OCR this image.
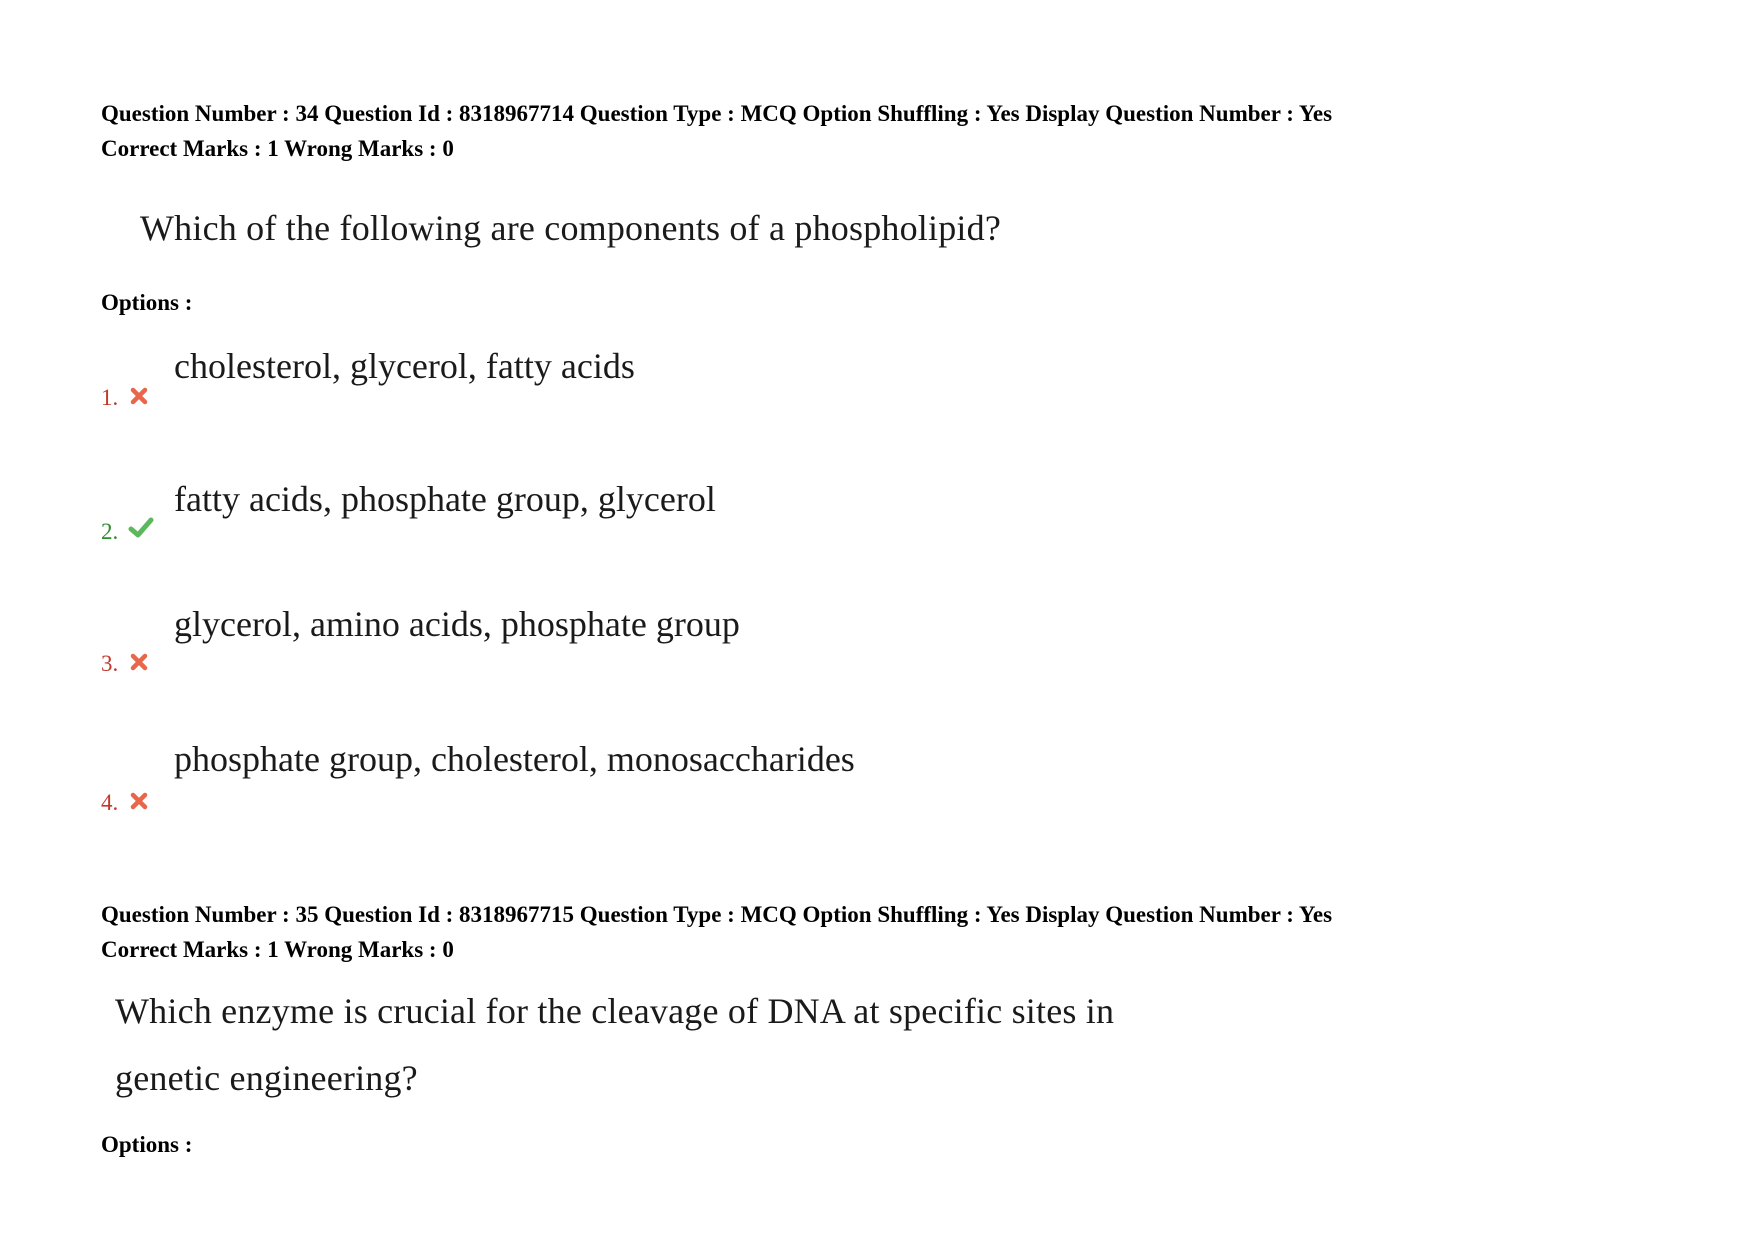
Question Number : 34 Question Id : 8318967714 Question Type : MCQ Option Shuffling : Yes Display Question Number : Yes
Correct Marks : 1 Wrong Marks : 0
Which of the following are components of a phospholipid?
Options :
cholesterol, glycerol, fatty acids
1.
fatty acids, phosphate group, glycerol
2.
glycerol, amino acids, phosphate group
3.
phosphate group, cholesterol, monosaccharides
4.
Question Number : 35 Question Id : 8318967715 Question Type : MCQ Option Shuffling : Yes Display Question Number : Yes
Correct Marks : 1 Wrong Marks : 0
Which enzyme is crucial for the cleavage of DNA at specific sites in
genetic engineering?
Options :
